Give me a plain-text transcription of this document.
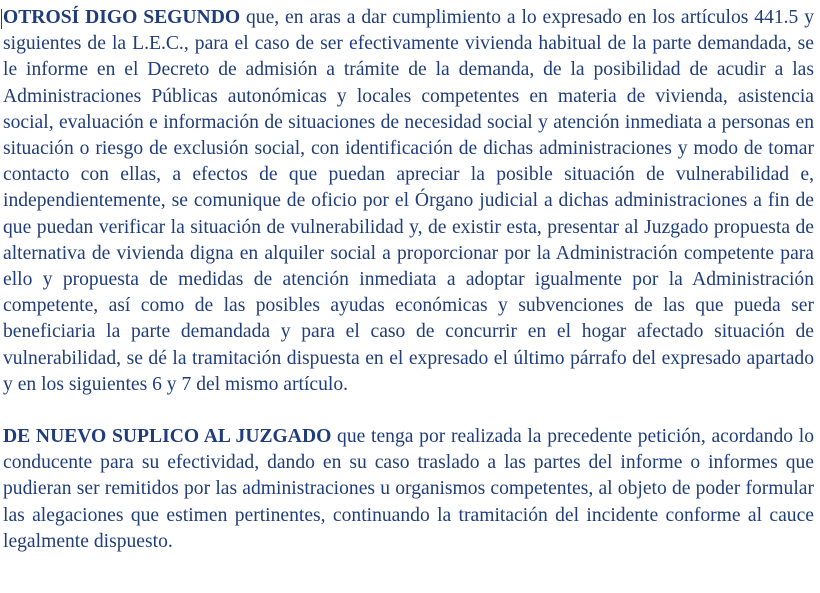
OTROSÍ DIGO SEGUNDO que, en aras a dar cumplimiento a lo expresado en los artículos 441.5 y siguientes de la L.E.C., para el caso de ser efectivamente vivienda habitual de la parte demandada, se le informe en el Decreto de admisión a trámite de la demanda, de la posibilidad de acudir a las Administraciones Públicas autonómicas y locales competentes en materia de vivienda, asistencia social, evaluación e información de situaciones de necesidad social y atención inmediata a personas en situación o riesgo de exclusión social, con identificación de dichas administraciones y modo de tomar contacto con ellas, a efectos de que puedan apreciar la posible situación de vulnerabilidad e, independientemente, se comunique de oficio por el Órgano judicial a dichas administraciones a fin de que puedan verificar la situación de vulnerabilidad y, de existir esta, presentar al Juzgado propuesta de alternativa de vivienda digna en alquiler social a proporcionar por la Administración competente para ello y propuesta de medidas de atención inmediata a adoptar igualmente por la Administración competente, así como de las posibles ayudas económicas y subvenciones de las que pueda ser beneficiaria la parte demandada y para el caso de concurrir en el hogar afectado situación de vulnerabilidad, se dé la tramitación dispuesta en el expresado el último párrafo del expresado apartado y en los siguientes 6 y 7 del mismo artículo.

DE NUEVO SUPLICO AL JUZGADO que tenga por realizada la precedente petición, acordando lo conducente para su efectividad, dando en su caso traslado a las partes del informe o informes que pudieran ser remitidos por las administraciones u organismos competentes, al objeto de poder formular las alegaciones que estimen pertinentes, continuando la tramitación del incidente conforme al cauce legalmente dispuesto.
